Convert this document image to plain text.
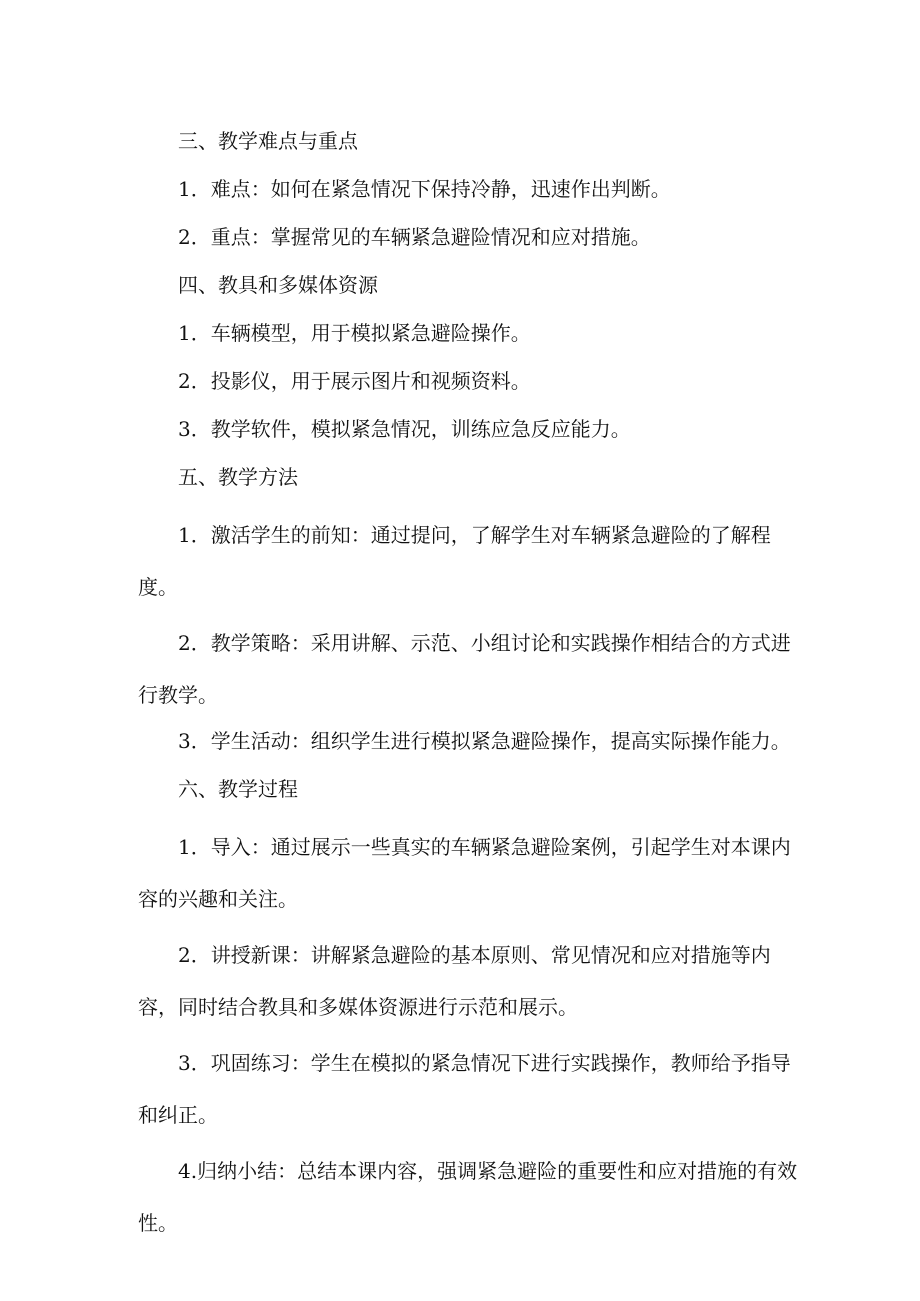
三、教学难点与重点

1．难点：如何在紧急情况下保持冷静，迅速作出判断。

2．重点：掌握常见的车辆紧急避险情况和应对措施。

四、教具和多媒体资源

1．车辆模型，用于模拟紧急避险操作。

2．投影仪，用于展示图片和视频资料。

3．教学软件，模拟紧急情况，训练应急反应能力。

五、教学方法

1．激活学生的前知：通过提问，了解学生对车辆紧急避险的了解程度。

2．教学策略：采用讲解、示范、小组讨论和实践操作相结合的方式进行教学。

3．学生活动：组织学生进行模拟紧急避险操作，提高实际操作能力。

六、教学过程

1．导入：通过展示一些真实的车辆紧急避险案例，引起学生对本课内容的兴趣和关注。

2．讲授新课：讲解紧急避险的基本原则、常见情况和应对措施等内容，同时结合教具和多媒体资源进行示范和展示。

3．巩固练习：学生在模拟的紧急情况下进行实践操作，教师给予指导和纠正。

4.归纳小结：总结本课内容，强调紧急避险的重要性和应对措施的有效性。
